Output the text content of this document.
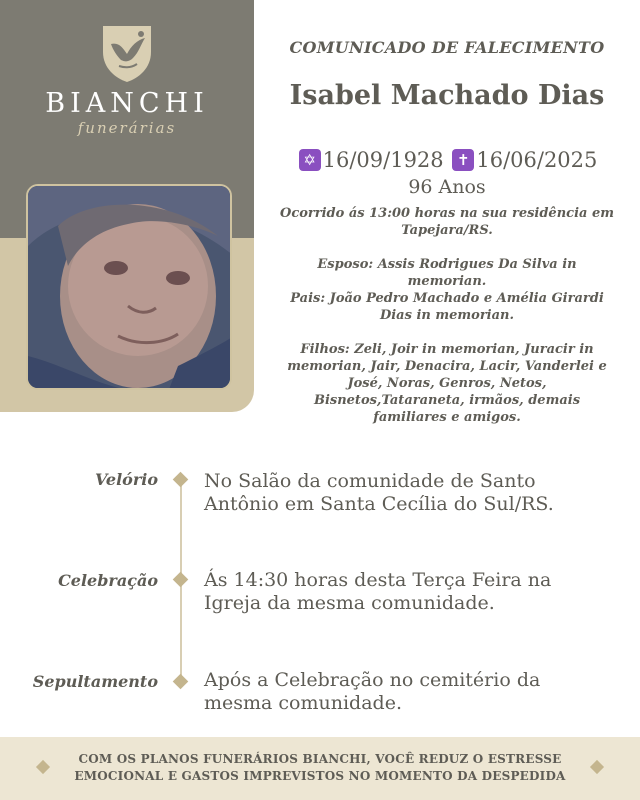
BIANCHI
funerárias
COMUNICADO DE FALECIMENTO
Isabel Machado Dias
✡ 16/09/1928 ✝ 16/06/2025
96 Anos
Ocorrido ás 13:00 horas na sua residência em Tapejara/RS.
Esposo: Assis Rodrigues Da Silva in memorian.
Pais: João Pedro Machado e Amélia Girardi Dias in memorian.
Filhos: Zeli, Joir in memorian, Juracir in memorian, Jair, Denacira, Lacir, Vanderlei e José, Noras, Genros, Netos, Bisnetos,Tataraneta, irmãos, demais familiares e amigos.
Velório No Salão da comunidade de Santo Antônio em Santa Cecília do Sul/RS.
Celebração Ás 14:30 horas desta Terça Feira na Igreja da mesma comunidade.
Sepultamento Após a Celebração no cemitério da mesma comunidade.
COM OS PLANOS FUNERÁRIOS BIANCHI, VOCÊ REDUZ O ESTRESSE EMOCIONAL E GASTOS IMPREVISTOS NO MOMENTO DA DESPEDIDA
